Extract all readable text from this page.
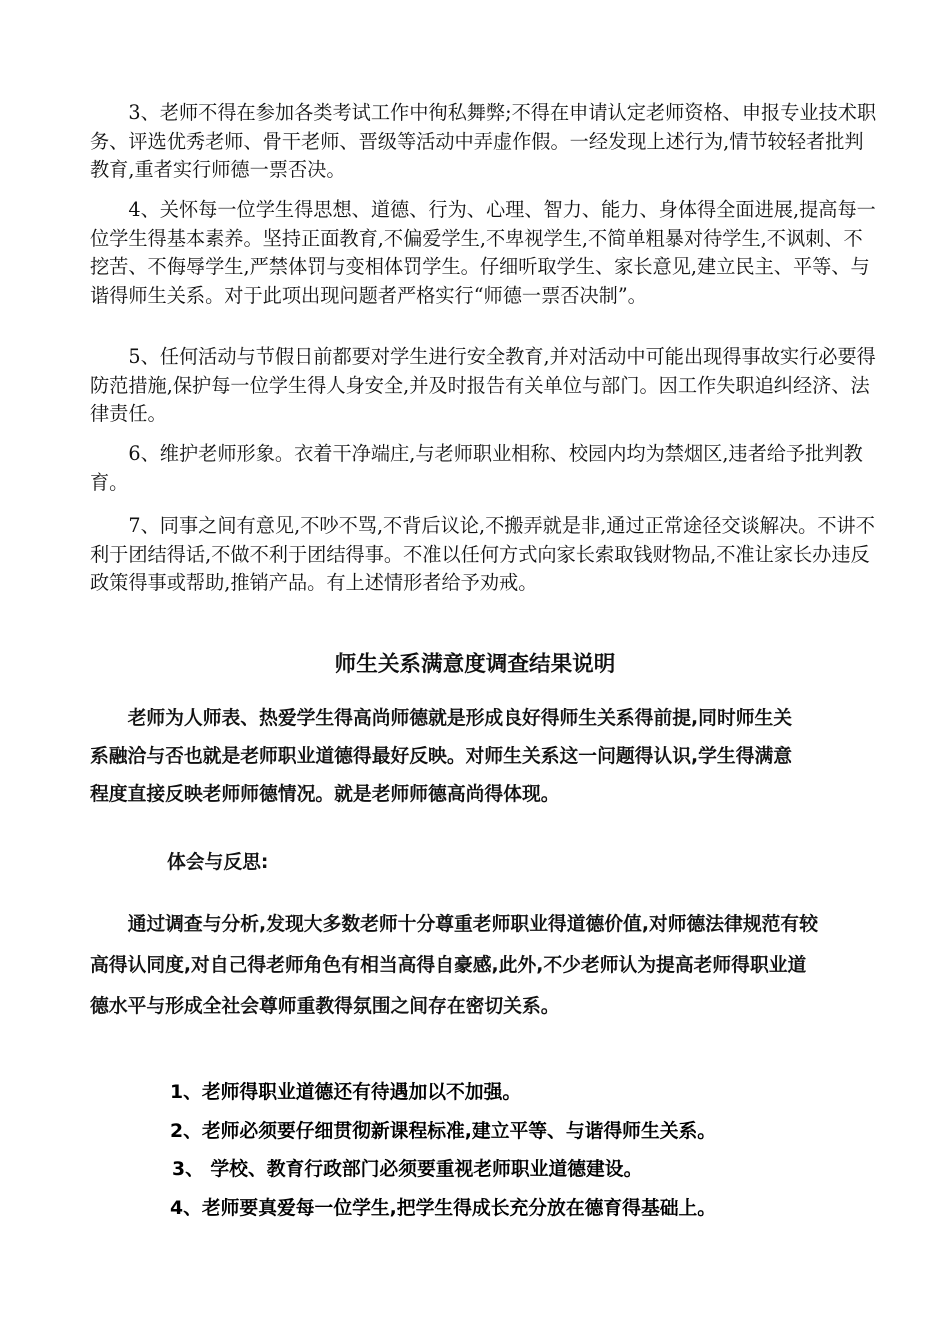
3、老师不得在参加各类考试工作中徇私舞弊;不得在申请认定老师资格、申报专业技术职务、评选优秀老师、骨干老师、晋级等活动中弄虚作假。一经发现上述行为,情节较轻者批判教育,重者实行师德一票否决。
4、关怀每一位学生得思想、道德、行为、心理、智力、能力、身体得全面进展,提高每一位学生得基本素养。坚持正面教育,不偏爱学生,不卑视学生,不简单粗暴对待学生,不讽刺、不挖苦、不侮辱学生,严禁体罚与变相体罚学生。仔细听取学生、家长意见,建立民主、平等、与谐得师生关系。对于此项出现问题者严格实行“师德一票否决制”。
5、任何活动与节假日前都要对学生进行安全教育,并对活动中可能出现得事故实行必要得防范措施,保护每一位学生得人身安全,并及时报告有关单位与部门。因工作失职追纠经济、法律责任。
6、维护老师形象。衣着干净端庄,与老师职业相称、校园内均为禁烟区,违者给予批判教育。
7、同事之间有意见,不吵不骂,不背后议论,不搬弄就是非,通过正常途径交谈解决。不讲不利于团结得话,不做不利于团结得事。不准以任何方式向家长索取钱财物品,不准让家长办违反政策得事或帮助,推销产品。有上述情形者给予劝戒。
师生关系满意度调查结果说明
老师为人师表、热爱学生得高尚师德就是形成良好得师生关系得前提,同时师生关系融洽与否也就是老师职业道德得最好反映。对师生关系这一问题得认识,学生得满意程度直接反映老师师德情况。就是老师师德高尚得体现。
体会与反思:
通过调查与分析,发现大多数老师十分尊重老师职业得道德价值,对师德法律规范有较高得认同度,对自己得老师角色有相当高得自豪感,此外,不少老师认为提高老师得职业道德水平与形成全社会尊师重教得氛围之间存在密切关系。
1、老师得职业道德还有待遇加以不加强。
2、老师必须要仔细贯彻新课程标准,建立平等、与谐得师生关系。
3、 学校、教育行政部门必须要重视老师职业道德建设。
4、老师要真爱每一位学生,把学生得成长充分放在德育得基础上。
